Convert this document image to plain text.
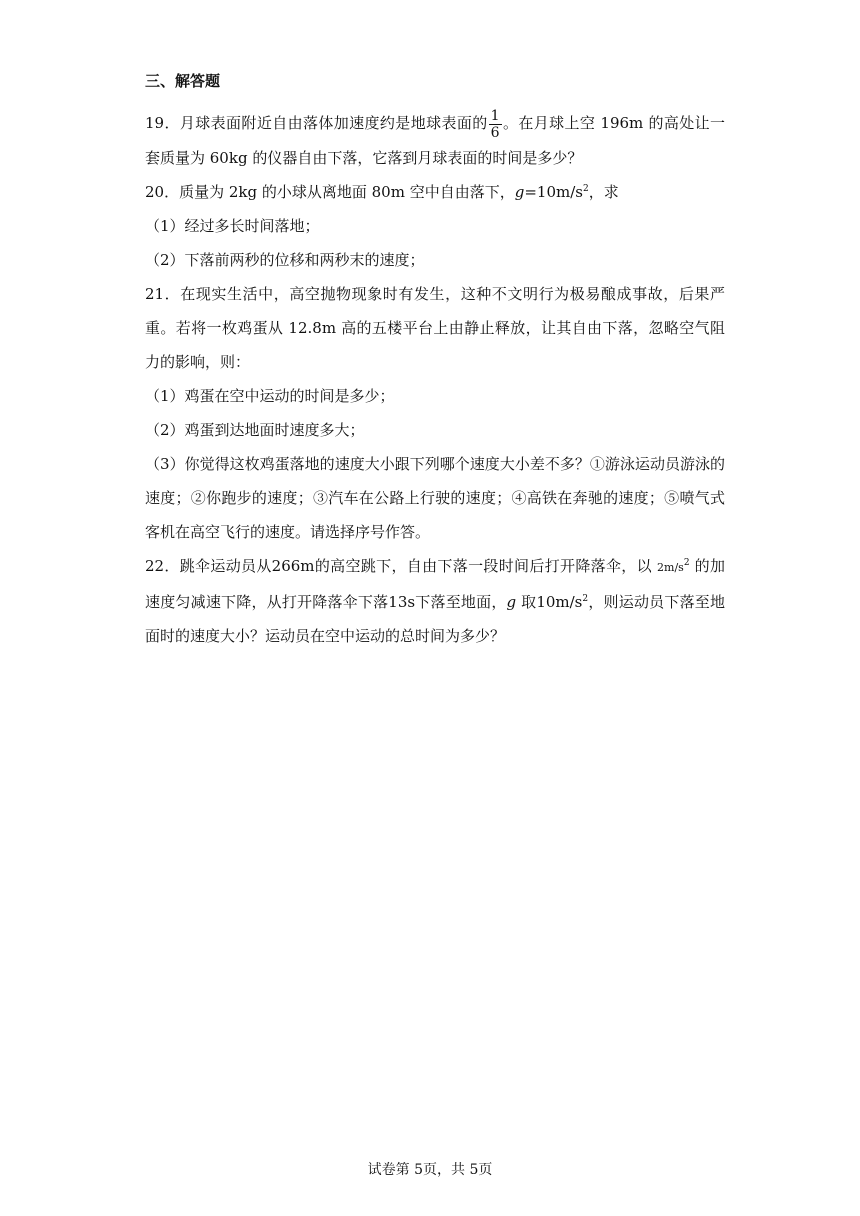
三、解答题

19．月球表面附近自由落体加速度约是地球表面的 $\frac{1}{6}$ 。在月球上空 196m 的高处让一套质量为 60kg 的仪器自由下落，它落到月球表面的时间是多少？

20．质量为 2kg 的小球从离地面 80m 空中自由落下，$g=10m/s^2$，求

（1）经过多长时间落地；

（2）下落前两秒的位移和两秒末的速度；

21．在现实生活中，高空抛物现象时有发生，这种不文明行为极易酿成事故，后果严重。若将一枚鸡蛋从 12.8m 高的五楼平台上由静止释放，让其自由下落，忽略空气阻力的影响，则：

（1）鸡蛋在空中运动的时间是多少；

（2）鸡蛋到达地面时速度多大；

（3）你觉得这枚鸡蛋落地的速度大小跟下列哪个速度大小差不多？①游泳运动员游泳的速度；②你跑步的速度；③汽车在公路上行驶的速度；④高铁在奔驰的速度；⑤喷气式客机在高空飞行的速度。请选择序号作答。

22．跳伞运动员从266m的高空跳下，自由下落一段时间后打开降落伞，以 $2m/s^2$ 的加速度匀减速下降，从打开降落伞下落13s下落至地面，g 取$10m/s^2$，则运动员下落至地面时的速度大小？运动员在空中运动的总时间为多少？

试卷第 5页，共 5页
